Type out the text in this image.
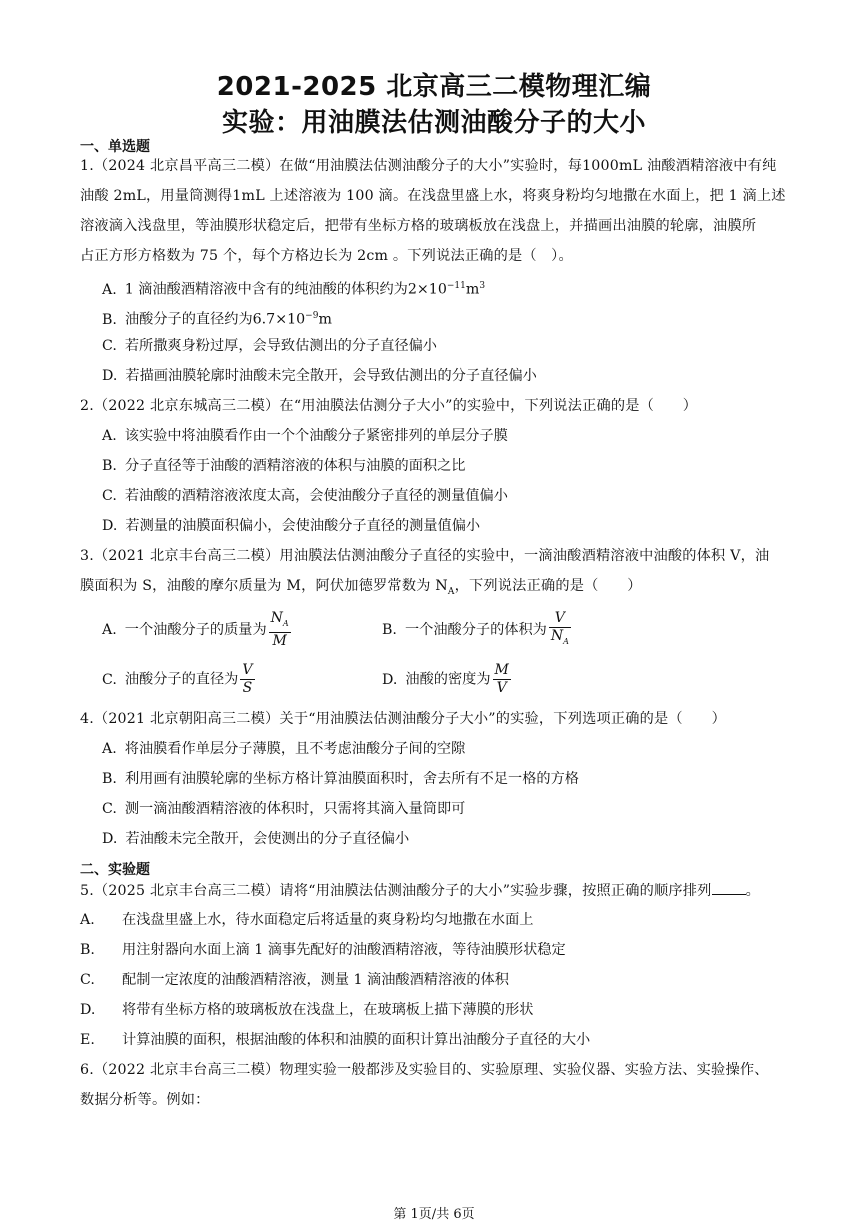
2021-2025 北京高三二模物理汇编
实验：用油膜法估测油酸分子的大小
一、单选题
1.（2024 北京昌平高三二模）在做“用油膜法估测油酸分子的大小”实验时，每1000mL 油酸酒精溶液中有纯
油酸 2mL，用量筒测得1mL 上述溶液为 100 滴。在浅盘里盛上水，将爽身粉均匀地撒在水面上，把 1 滴上述
溶液滴入浅盘里，等油膜形状稳定后，把带有坐标方格的玻璃板放在浅盘上，并描画出油膜的轮廓，油膜所
占正方形方格数为 75 个，每个方格边长为 2cm 。下列说法正确的是（　）。
A. 1 滴油酸酒精溶液中含有的纯油酸的体积约为$2\times 10^{-11}m^3$
B. 油酸分子的直径约为$6.7\times 10^{-9}m$
C. 若所撒爽身粉过厚，会导致估测出的分子直径偏小
D. 若描画油膜轮廓时油酸未完全散开，会导致估测出的分子直径偏小
2.（2022 北京东城高三二模）在“用油膜法估测分子大小”的实验中，下列说法正确的是（　　）
A. 该实验中将油膜看作由一个个油酸分子紧密排列的单层分子膜
B. 分子直径等于油酸的酒精溶液的体积与油膜的面积之比
C. 若油酸的酒精溶液浓度太高，会使油酸分子直径的测量值偏小
D. 若测量的油膜面积偏小，会使油酸分子直径的测量值偏小
3.（2021 北京丰台高三二模）用油膜法估测油酸分子直径的实验中，一滴油酸酒精溶液中油酸的体积 V，油
膜面积为 S，油酸的摩尔质量为 M，阿伏加德罗常数为 $N_A$，下列说法正确的是（　　）
A. 一个油酸分子的质量为 $\frac{N_A}{M}$	B. 一个油酸分子的体积为 $\frac{V}{N_A}$
C. 油酸分子的直径为 $\frac{V}{S}$	D. 油酸的密度为 $\frac{M}{V}$
4.（2021 北京朝阳高三二模）关于“用油膜法估测油酸分子大小”的实验，下列选项正确的是（　　）
A. 将油膜看作单层分子薄膜，且不考虑油酸分子间的空隙
B. 利用画有油膜轮廓的坐标方格计算油膜面积时，舍去所有不足一格的方格
C. 测一滴油酸酒精溶液的体积时，只需将其滴入量筒即可
D. 若油酸未完全散开，会使测出的分子直径偏小
二、实验题
5.（2025 北京丰台高三二模）请将“用油膜法估测油酸分子的大小”实验步骤，按照正确的顺序排列 。
A. 在浅盘里盛上水，待水面稳定后将适量的爽身粉均匀地撒在水面上
B. 用注射器向水面上滴 1 滴事先配好的油酸酒精溶液，等待油膜形状稳定
C. 配制一定浓度的油酸酒精溶液，测量 1 滴油酸酒精溶液的体积
D. 将带有坐标方格的玻璃板放在浅盘上，在玻璃板上描下薄膜的形状
E. 计算油膜的面积，根据油酸的体积和油膜的面积计算出油酸分子直径的大小
6.（2022 北京丰台高三二模）物理实验一般都涉及实验目的、实验原理、实验仪器、实验方法、实验操作、
数据分析等。例如：
第 1页/共 6页
